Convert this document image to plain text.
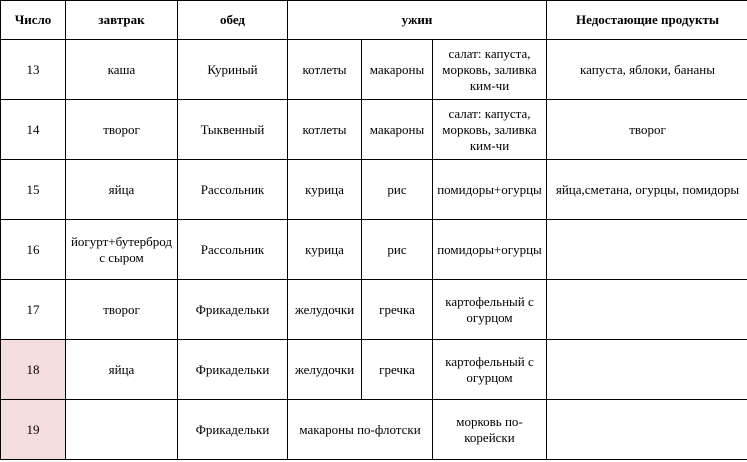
Число	завтрак	обед	ужин			Недостающие продукты
13	каша	Куриный	котлеты	макароны	салат: капуста, морковь, заливка ким-чи	капуста, яблоки, бананы
14	творог	Тыквенный	котлеты	макароны	салат: капуста, морковь, заливка ким-чи	творог
15	яйца	Рассольник	курица	рис	помидоры+огурцы	яйца,сметана, огурцы, помидоры
16	йогурт+бутерброд с сыром	Рассольник	курица	рис	помидоры+огурцы	
17	творог	Фрикадельки	желудочки	гречка	картофельный с огурцом	
18	яйца	Фрикадельки	желудочки	гречка	картофельный с огурцом	
19		Фрикадельки	макароны по-флотски		морковь по-корейски	
